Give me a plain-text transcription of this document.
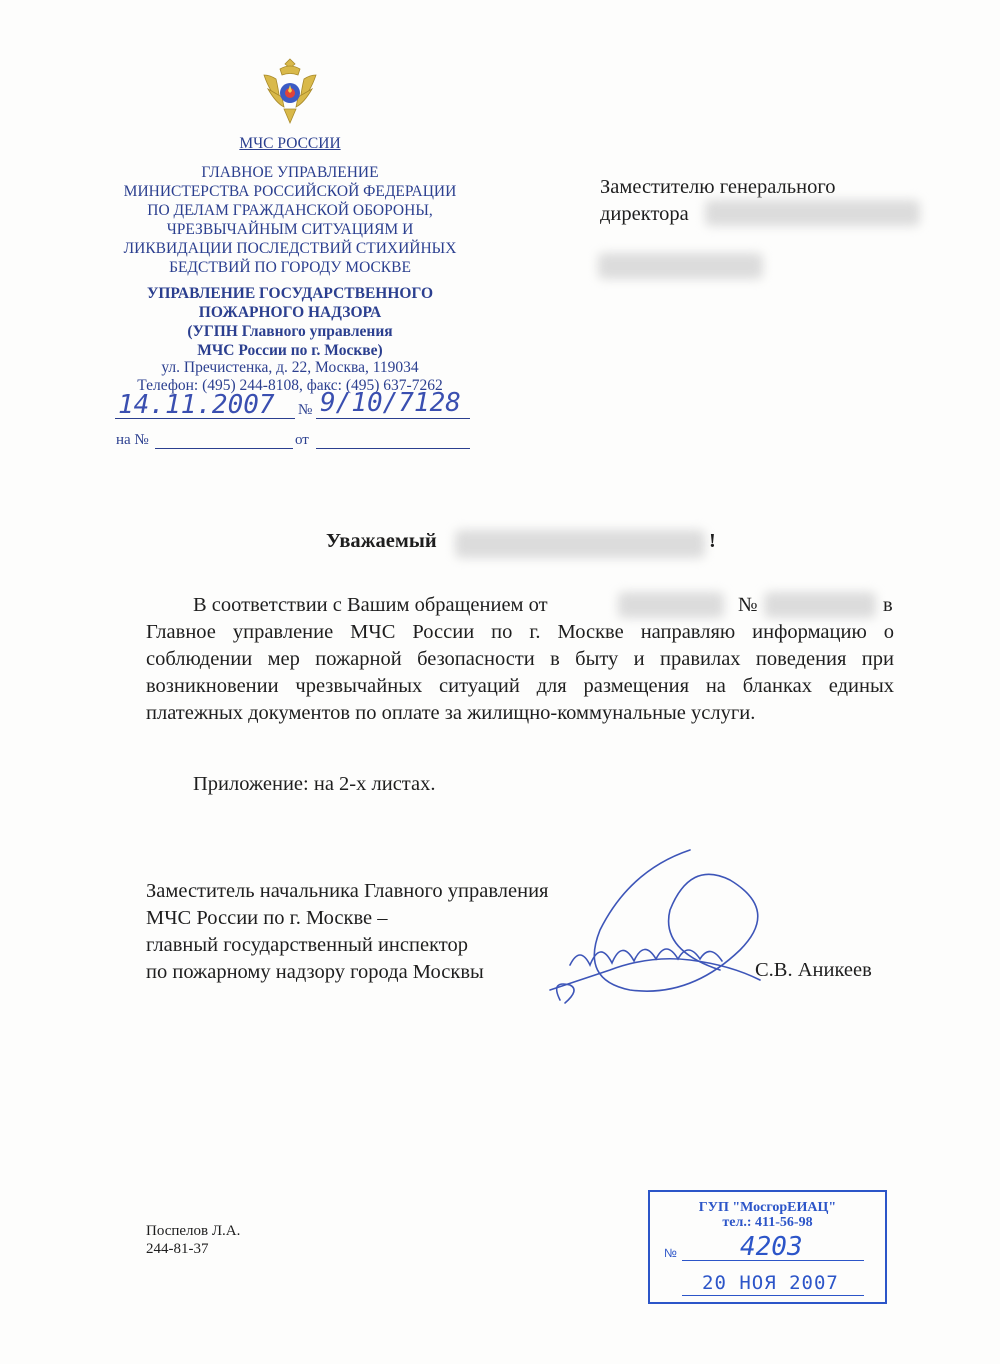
МЧС РОССИИ
ГЛАВНОЕ УПРАВЛЕНИЕ
МИНИСТЕРСТВА РОССИЙСКОЙ ФЕДЕРАЦИИ
ПО ДЕЛАМ ГРАЖДАНСКОЙ ОБОРОНЫ,
ЧРЕЗВЫЧАЙНЫМ СИТУАЦИЯМ И
ЛИКВИДАЦИИ ПОСЛЕДСТВИЙ СТИХИЙНЫХ
БЕДСТВИЙ ПО ГОРОДУ МОСКВЕ
УПРАВЛЕНИЕ ГОСУДАРСТВЕННОГО
ПОЖАРНОГО НАДЗОРА
(УГПН Главного управления
МЧС России по г. Москве)
ул. Пречистенка, д. 22, Москва, 119034
Телефон: (495) 244-8108, факс: (495) 637-7262
14.11.2007 № 9/10/7128
на №	от
Заместителю генерального
директора
Уважаемый	!
В соответствии с Вашим обращением от	№	в
Главное управление МЧС России по г. Москве направляю информацию о соблюдении мер пожарной безопасности в быту и правилах поведения при возникновении чрезвычайных ситуаций для размещения на бланках единых платежных документов по оплате за жилищно-коммунальные услуги.
Приложение: на 2-х листах.
Заместитель начальника Главного управления
МЧС России по г. Москве –
главный государственный инспектор
по пожарному надзору города Москвы	С.В. Аникеев
Поспелов Л.А.
244-81-37
ГУП "МосгорЕИАЦ"
тел.: 411-56-98
№ 4203
20 НОЯ 2007
